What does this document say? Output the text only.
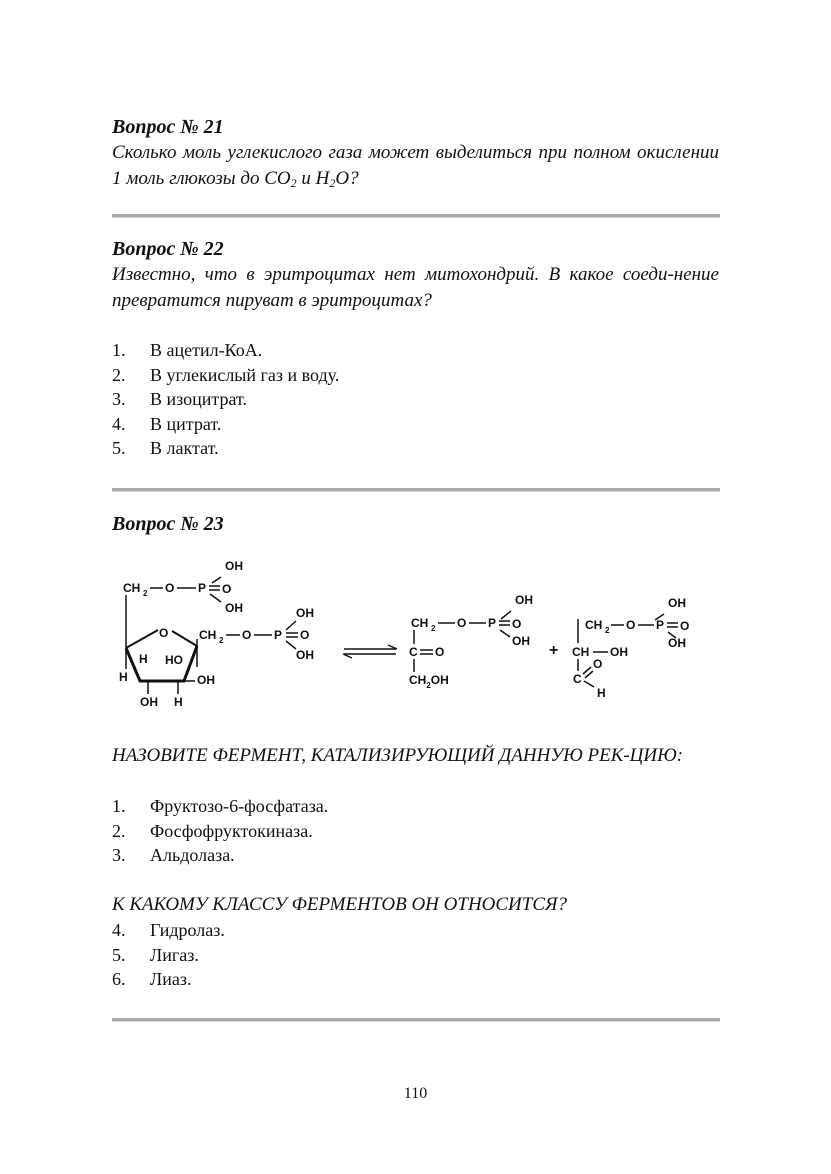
Вопрос № 21

Сколько моль углекислого газа может выделиться при полном окислении 1 моль глюкозы до $CO_2$ и $H_2O$?

Вопрос № 22

Известно, что в эритроцитах нет митохондрий. В какое соеди-нение превратится пируват в эритроцитах?

1.	В ацетил-КоА.
2.	В углекислый газ и воду.
3.	В изоцитрат.
4.	В цитрат.
5.	В лактат.

Вопрос № 23

OH
CH 2 O P O
OH
O
H HO
H	OH
OH H
CH 2 O P
OH
O
OH
OH
CH 2 O P O
OH
C O
$CH_2OH$
+
OH
CH 2 O P O
OH
CH OH
C
O
H

НАЗОВИТЕ ФЕРМЕНТ, КАТАЛИЗИРУЮЩИЙ ДАННУЮ РЕК-ЦИЮ:

1.	Фруктозо-6-фосфатаза.
2.	Фосфофруктокиназа.
3.	Альдолаза.

К КАКОМУ КЛАССУ ФЕРМЕНТОВ ОН ОТНОСИТСЯ?

4.	Гидролаз.
5.	Лигаз.
6.	Лиаз.
110
